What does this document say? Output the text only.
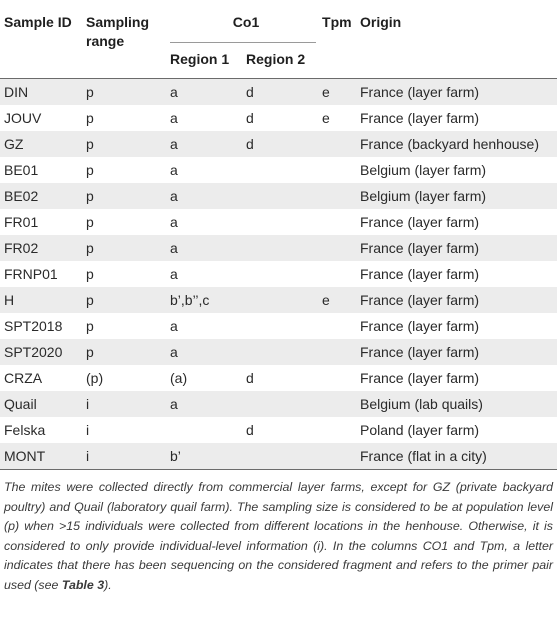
Sample ID	Sampling range	Co1		Tpm	Origin
		Region 1	Region 2		
DIN	p	a	d	e	France (layer farm)
JOUV	p	a	d	e	France (layer farm)
GZ	p	a	d		France (backyard henhouse)
BE01	p	a			Belgium (layer farm)
BE02	p	a			Belgium (layer farm)
FR01	p	a			France (layer farm)
FR02	p	a			France (layer farm)
FRNP01	p	a			France (layer farm)
H	p	b’,b’’,c		e	France (layer farm)
SPT2018	p	a			France (layer farm)
SPT2020	p	a			France (layer farm)
CRZA	(p)	(a)	d		France (layer farm)
Quail	i	a			Belgium (lab quails)
Felska	i		d		Poland (layer farm)
MONT	i	b’			France (flat in a city)
The mites were collected directly from commercial layer farms, except for GZ (private backyard poultry) and Quail (laboratory quail farm). The sampling size is considered to be at population level (p) when >15 individuals were collected from different locations in the henhouse. Otherwise, it is considered to only provide individual-level information (i). In the columns CO1 and Tpm, a letter indicates that there has been sequencing on the considered fragment and refers to the primer pair used (see Table 3).
